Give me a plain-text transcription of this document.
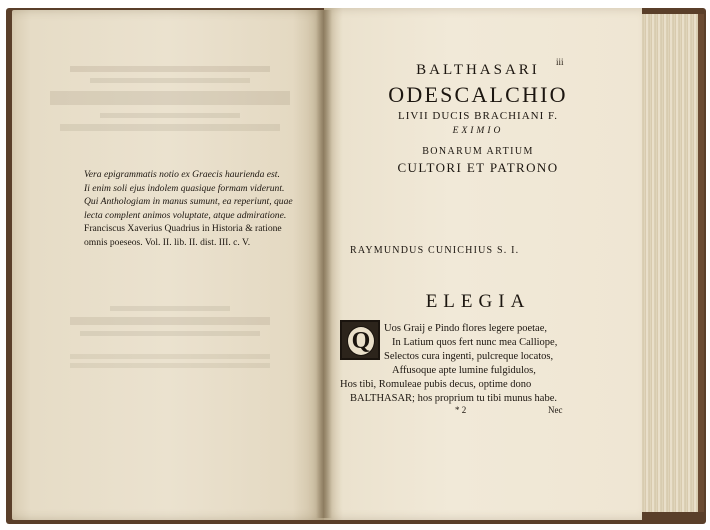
Vera epigrammatis notio ex Graecis haurienda est.
Ii enim soli ejus indolem quasique formam viderunt.
Qui Anthologiam in manus sumunt, ea reperiunt, quae
lecta complent animos voluptate, atque admiratione.
Franciscus Xaverius Quadrius in Historia & ratione
omnis poeseos. Vol. II. lib. II. dist. III. c. V.
iii
BALTHASARI
ODESCALCHIO
LIVII DUCIS BRACHIANI F.
EXIMIO
BONARUM ARTIUM
CULTORI ET PATRONO
RAYMUNDUS CUNICHIUS S. I.
ELEGIA
Q	Uos Graij e Pindo flores legere poetae,
In Latium quos fert nunc mea Calliope,
Selectos cura ingenti, pulcreque locatos,
Affusoque apte lumine fulgidulos,
Hos tibi, Romuleae pubis decus, optime dono
BALTHASAR; hos proprium tu tibi munus habe.
* 2	Nec
